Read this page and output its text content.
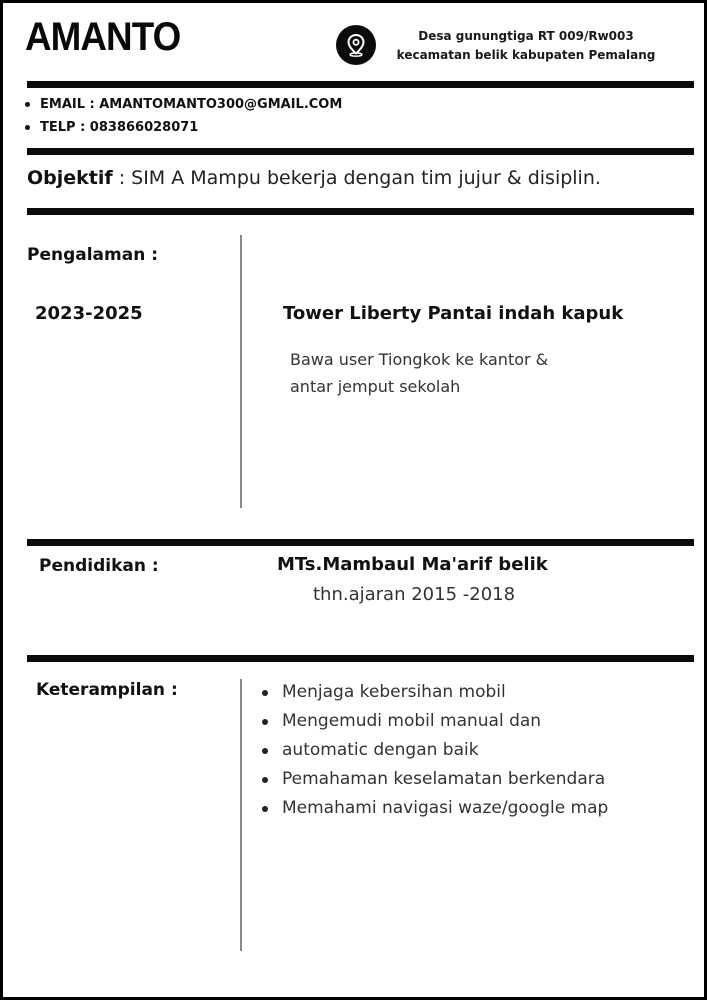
AMANTO	Desa gunungtiga RT 009/Rw003
kecamatan belik kabupaten Pemalang
EMAIL : AMANTOMANTO300@GMAIL.COM
TELP : 083866028071
Objektif : SIM A Mampu bekerja dengan tim jujur & disiplin.
Pengalaman :
2023-2025	Tower Liberty Pantai indah kapuk
Bawa user Tiongkok ke kantor &
antar jemput sekolah
Pendidikan :	MTs.Mambaul Ma'arif belik
thn.ajaran 2015 -2018
Keterampilan :	Menjaga kebersihan mobil
Mengemudi mobil manual dan
automatic dengan baik
Pemahaman keselamatan berkendara
Memahami navigasi waze/google map
